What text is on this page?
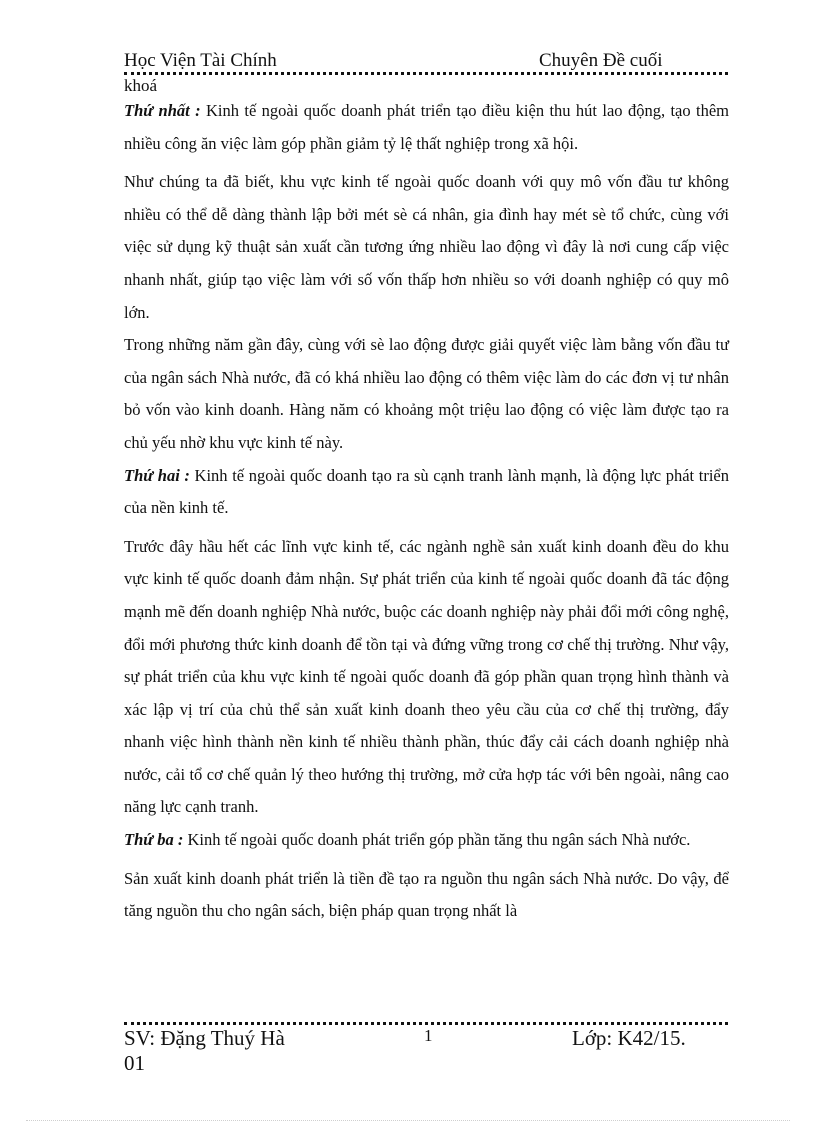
Học Viện Tài Chính	Chuyên Đề cuối
khoá

Thứ nhất : Kinh tế ngoài quốc doanh phát triển tạo điều kiện thu hút lao động, tạo thêm nhiều công ăn việc làm góp phần giảm tỷ lệ thất nghiệp trong xã hội.

Như chúng ta đã biết, khu vực kinh tế ngoài quốc doanh với quy mô vốn đầu tư không nhiều có thể dễ dàng thành lập bởi mét sè cá nhân, gia đình hay mét sè tổ chức, cùng với việc sử dụng kỹ thuật sản xuất cần tương ứng nhiều lao động vì đây là nơi cung cấp việc nhanh nhất, giúp tạo việc làm với số vốn thấp hơn nhiều so với doanh nghiệp có quy mô lớn.

Trong những năm gần đây, cùng với sè lao động được giải quyết việc làm bằng vốn đầu tư của ngân sách Nhà nước, đã có khá nhiều lao động có thêm việc làm do các đơn vị tư nhân bỏ vốn vào kinh doanh. Hàng năm có khoảng một triệu lao động có việc làm được tạo ra chủ yếu nhờ khu vực kinh tế này.

Thứ hai : Kinh tế ngoài quốc doanh tạo ra sù cạnh tranh lành mạnh, là động lực phát triển của nền kinh tế.

Trước đây hầu hết các lĩnh vực kinh tế, các ngành nghề sản xuất kinh doanh đều do khu vực kinh tế quốc doanh đảm nhận. Sự phát triển của kinh tế ngoài quốc doanh đã tác động mạnh mẽ đến doanh nghiệp Nhà nước, buộc các doanh nghiệp này phải đổi mới công nghệ, đổi mới phương thức kinh doanh để tồn tại và đứng vững trong cơ chế thị trường. Như vậy, sự phát triển của khu vực kinh tế ngoài quốc doanh đã góp phần quan trọng hình thành và xác lập vị trí của chủ thể sản xuất kinh doanh theo yêu cầu của cơ chế thị trường, đẩy nhanh việc hình thành nền kinh tế nhiều thành phần, thúc đẩy cải cách doanh nghiệp nhà nước, cải tổ cơ chế quản lý theo hướng thị trường, mở cửa hợp tác với bên ngoài, nâng cao năng lực cạnh tranh.

Thứ ba : Kinh tế ngoài quốc doanh phát triển góp phần tăng thu ngân sách Nhà nước.

Sản xuất kinh doanh phát triển là tiền đề tạo ra nguồn thu ngân sách Nhà nước. Do vậy, để tăng nguồn thu cho ngân sách, biện pháp quan trọng nhất là

SV: Đặng Thuý Hà	1	Lớp: K42/15.
01
